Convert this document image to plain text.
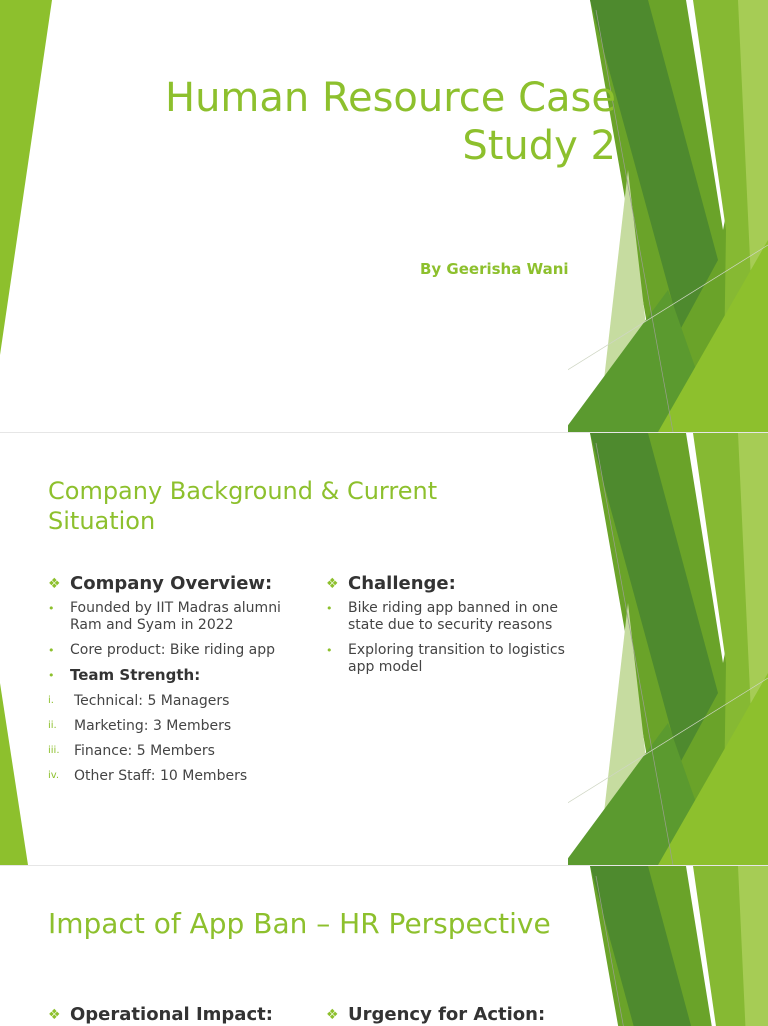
Human Resource Case
Study 2
By Geerisha Wani
Company Background & Current
Situation
❖ Company Overview:
•	Founded by IIT Madras alumni Ram and Syam in 2022
•	Core product: Bike riding app
•	Team Strength:
i.	Technical: 5 Managers
ii.	Marketing: 3 Members
iii.	Finance: 5 Members
iv.	Other Staff: 10 Members
❖ Challenge:
•	Bike riding app banned in one state due to security reasons
•	Exploring transition to logistics app model
Impact of App Ban – HR Perspective
❖ Operational Impact:	❖ Urgency for Action:
